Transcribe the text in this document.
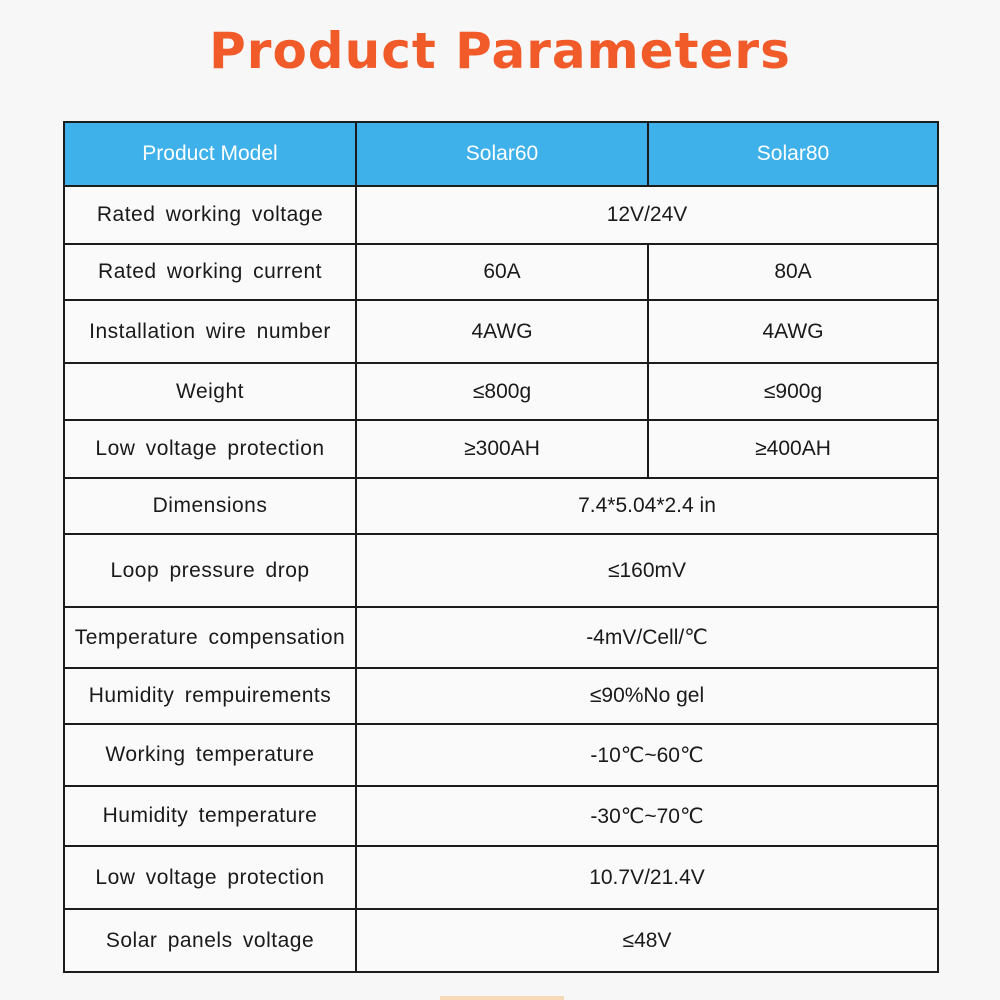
Product Parameters
Product Model	Solar60	Solar80
Rated working voltage	12V/24V	
Rated working current	60A	80A
Installation wire number	4AWG	4AWG
Weight	≤800g	≤900g
Low voltage protection	≥300AH	≥400AH
Dimensions	7.4*5.04*2.4 in	
Loop pressure drop	≤160mV	
Temperature compensation	-4mV/Cell/℃	
Humidity rempuirements	≤90%No gel	
Working temperature	-10℃~60℃	
Humidity temperature	-30℃~70℃	
Low voltage protection	10.7V/21.4V	
Solar panels voltage	≤48V	
